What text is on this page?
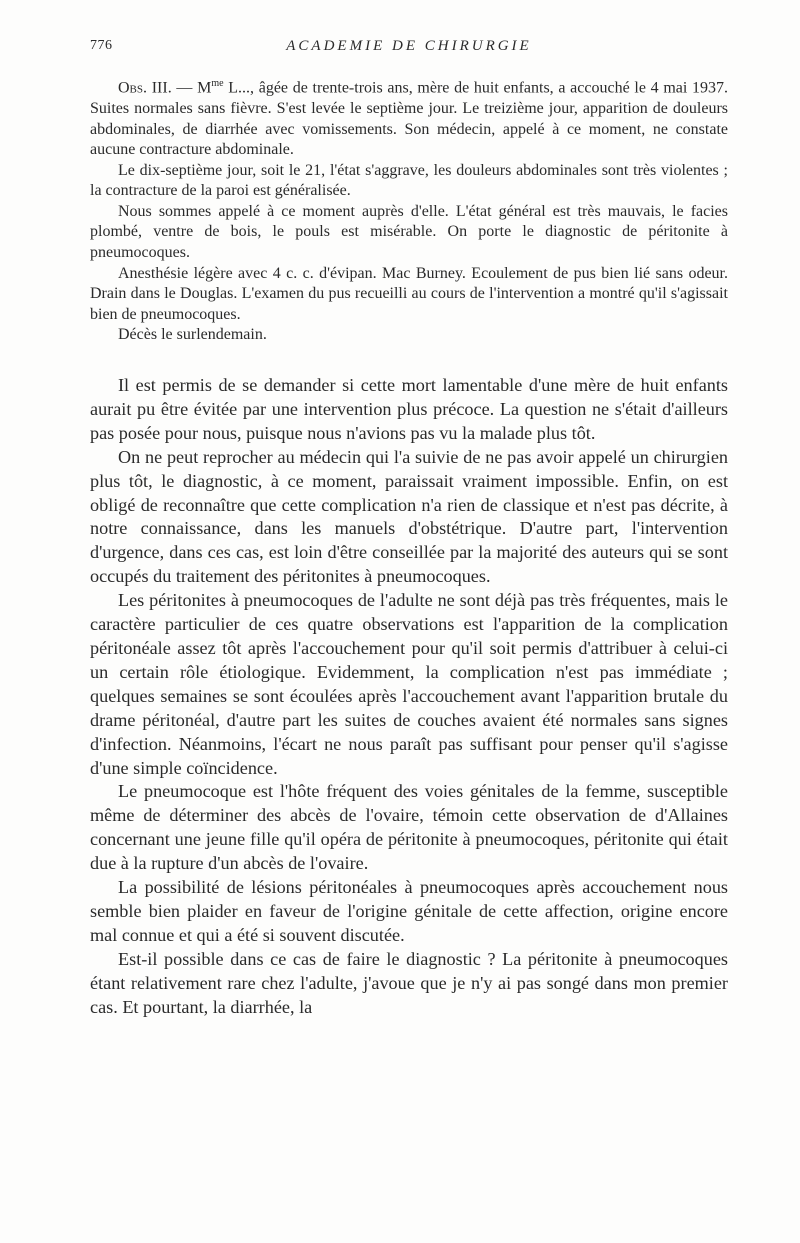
776	ACADEMIE DE CHIRURGIE

Obs. III. — $M^{me}$ L..., âgée de trente-trois ans, mère de huit enfants, a accouché le 4 mai 1937. Suites normales sans fièvre. S'est levée le septième jour. Le treizième jour, apparition de douleurs abdominales, de diarrhée avec vomissements. Son médecin, appelé à ce moment, ne constate aucune contracture abdominale.

Le dix-septième jour, soit le 21, l'état s'aggrave, les douleurs abdominales sont très violentes ; la contracture de la paroi est généralisée.

Nous sommes appelé à ce moment auprès d'elle. L'état général est très mauvais, le facies plombé, ventre de bois, le pouls est misérable. On porte le diagnostic de péritonite à pneumocoques.

Anesthésie légère avec 4 c. c. d'évipan. Mac Burney. Ecoulement de pus bien lié sans odeur. Drain dans le Douglas. L'examen du pus recueilli au cours de l'intervention a montré qu'il s'agissait bien de pneumocoques.

Décès le surlendemain.

Il est permis de se demander si cette mort lamentable d'une mère de huit enfants aurait pu être évitée par une intervention plus précoce. La question ne s'était d'ailleurs pas posée pour nous, puisque nous n'avions pas vu la malade plus tôt.

On ne peut reprocher au médecin qui l'a suivie de ne pas avoir appelé un chirurgien plus tôt, le diagnostic, à ce moment, paraissait vraiment impossible. Enfin, on est obligé de reconnaître que cette complication n'a rien de classique et n'est pas décrite, à notre connaissance, dans les manuels d'obstétrique. D'autre part, l'intervention d'urgence, dans ces cas, est loin d'être conseillée par la majorité des auteurs qui se sont occupés du traitement des péritonites à pneumocoques.

Les péritonites à pneumocoques de l'adulte ne sont déjà pas très fréquentes, mais le caractère particulier de ces quatre observations est l'apparition de la complication péritonéale assez tôt après l'accouchement pour qu'il soit permis d'attribuer à celui-ci un certain rôle étiologique. Evidemment, la complication n'est pas immédiate ; quelques semaines se sont écoulées après l'accouchement avant l'apparition brutale du drame péritonéal, d'autre part les suites de couches avaient été normales sans signes d'infection. Néanmoins, l'écart ne nous paraît pas suffisant pour penser qu'il s'agisse d'une simple coïncidence.

Le pneumocoque est l'hôte fréquent des voies génitales de la femme, susceptible même de déterminer des abcès de l'ovaire, témoin cette observation de d'Allaines concernant une jeune fille qu'il opéra de péritonite à pneumocoques, péritonite qui était due à la rupture d'un abcès de l'ovaire.

La possibilité de lésions péritonéales à pneumocoques après accouchement nous semble bien plaider en faveur de l'origine génitale de cette affection, origine encore mal connue et qui a été si souvent discutée.

Est-il possible dans ce cas de faire le diagnostic ? La péritonite à pneumocoques étant relativement rare chez l'adulte, j'avoue que je n'y ai pas songé dans mon premier cas. Et pourtant, la diarrhée, la
